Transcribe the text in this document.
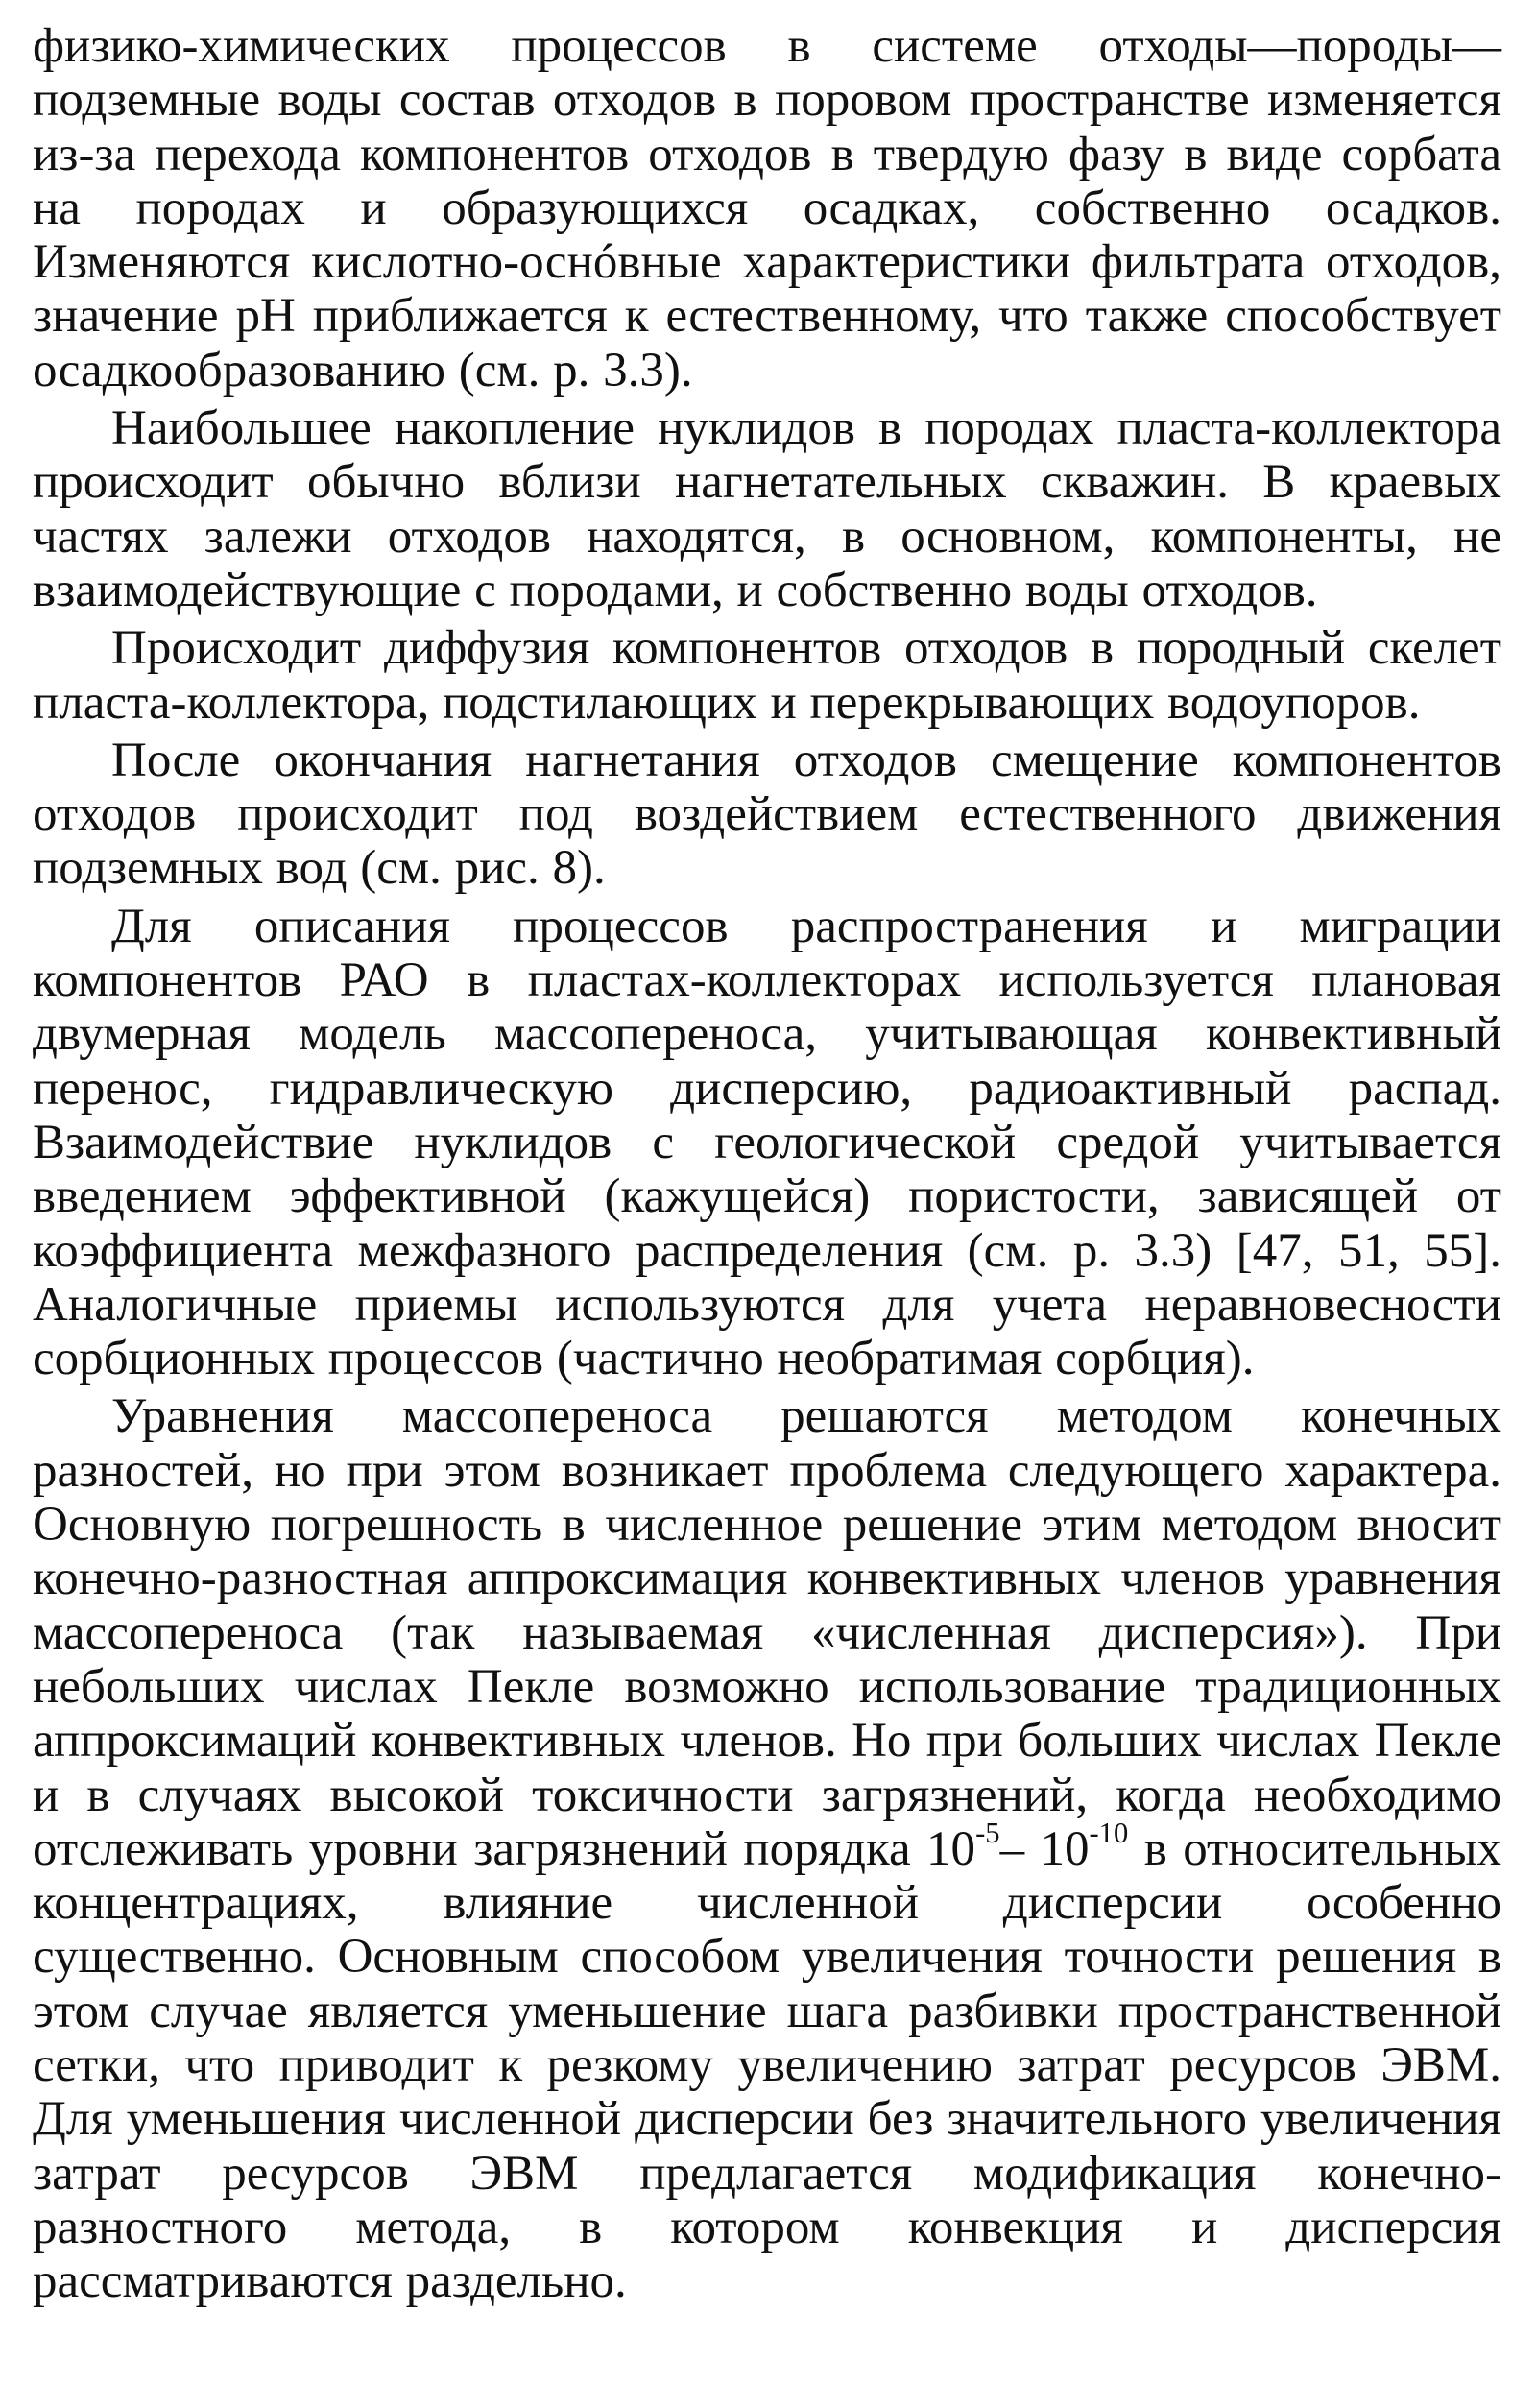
физико-химических процессов в системе отходы—породы—подземные воды состав отходов в поровом пространстве изменяется из-за перехода компонентов отходов в твердую фазу в виде сорбата на породах и образующихся осадках, собственно осадков. Изменяются кислотно-оснóвные характеристики фильтрата отходов, значение pH приближается к естественному, что также способствует осадкообразованию (см. р. 3.3).

Наибольшее накопление нуклидов в породах пласта-коллектора происходит обычно вблизи нагнетательных скважин. В краевых частях залежи отходов находятся, в основном, компоненты, не взаимодействующие с породами, и собственно воды отходов.

Происходит диффузия компонентов отходов в породный скелет пласта-коллектора, подстилающих и перекрывающих водоупоров.

После окончания нагнетания отходов смещение компонентов отходов происходит под воздействием естественного движения подземных вод (см. рис. 8).

Для описания процессов распространения и миграции компонентов РАО в пластах-коллекторах используется плановая двумерная модель массопереноса, учитывающая конвективный перенос, гидравлическую дисперсию, радиоактивный распад. Взаимодействие нуклидов с геологической средой учитывается введением эффективной (кажущейся) пористости, зависящей от коэффициента межфазного распределения (см. р. 3.3) [47, 51, 55]. Аналогичные приемы используются для учета неравновесности сорбционных процессов (частично необратимая сорбция).

Уравнения массопереноса решаются методом конечных разностей, но при этом возникает проблема следующего характера. Основную погрешность в численное решение этим методом вносит конечно-разностная аппроксимация конвективных членов уравнения массопереноса (так называемая «численная дисперсия»). При небольших числах Пекле возможно использование традиционных аппроксимаций конвективных членов. Но при больших числах Пекле и в случаях высокой токсичности загрязнений, когда необходимо отслеживать уровни загрязнений порядка $10^{-5}-$ $10^{-10}$ в относительных концентрациях, влияние численной дисперсии особенно существенно. Основным способом увеличения точности решения в этом случае является уменьшение шага разбивки пространственной сетки, что приводит к резкому увеличению затрат ресурсов ЭВМ. Для уменьшения численной дисперсии без значительного увеличения затрат ресурсов ЭВМ предлагается модификация конечно-разностного метода, в котором конвекция и дисперсия рассматриваются раздельно.
